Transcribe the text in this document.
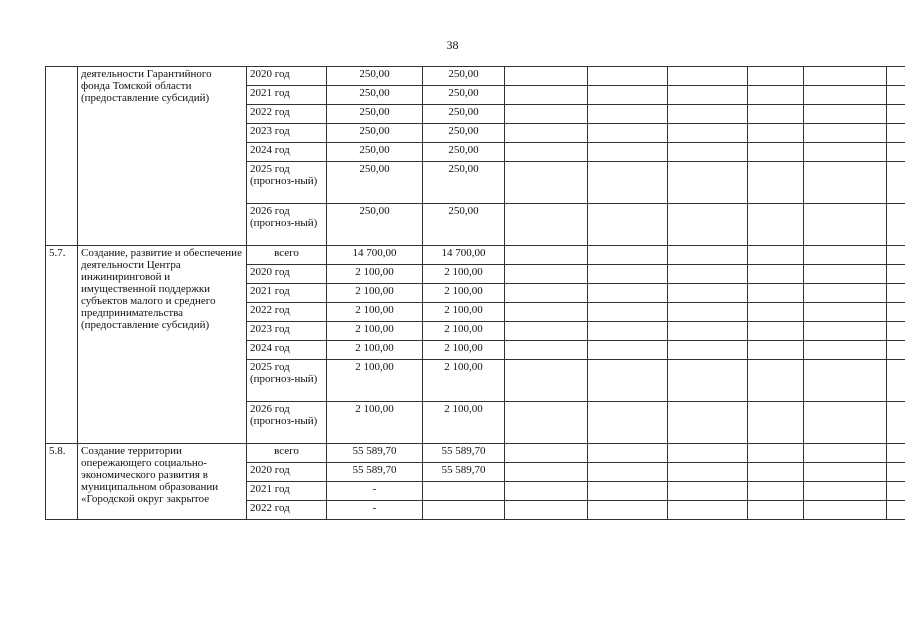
38
	деятельности Гарантийного фонда Томской области (предоставление субсидий)	2020 год	250,00	250,00						
		2021 год	250,00	250,00						
		2022 год	250,00	250,00						
		2023 год	250,00	250,00						
		2024 год	250,00	250,00						
		2025 год (прогноз-ный)	250,00	250,00						
		2026 год (прогноз-ный)	250,00	250,00						
5.7.	Создание, развитие и обеспечение деятельности Центра инжиниринговой и имущественной поддержки субъектов малого и среднего предпринимательства (предоставление субсидий)	всего	14 700,00	14 700,00						
		2020 год	2 100,00	2 100,00						
		2021 год	2 100,00	2 100,00						
		2022 год	2 100,00	2 100,00						
		2023 год	2 100,00	2 100,00						
		2024 год	2 100,00	2 100,00						
		2025 год (прогноз-ный)	2 100,00	2 100,00						
		2026 год (прогноз-ный)	2 100,00	2 100,00						
5.8.	Создание территории опережающего социально-экономического развития в муниципальном образовании «Городской округ закрытое	всего	55 589,70	55 589,70						
		2020 год	55 589,70	55 589,70						
		2021 год	-							
		2022 год	-							
